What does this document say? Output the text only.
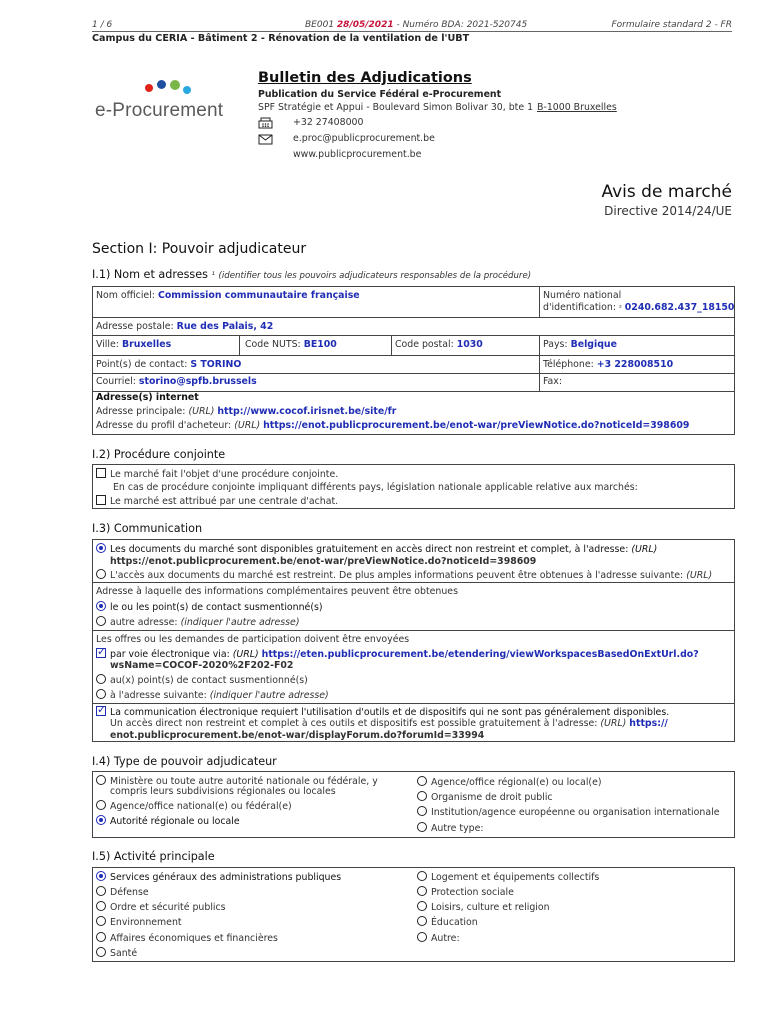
1 / 6	BE001 28/05/2021 - Numéro BDA: 2021-520745	Formulaire standard 2 - FR
Campus du CERIA - Bâtiment 2 - Rénovation de la ventilation de l'UBT
e-Procurement
Bulletin des Adjudications
Publication du Service Fédéral e-Procurement
SPF Stratégie et Appui - Boulevard Simon Bolivar 30, bte 1 B-1000 Bruxelles
+32 27408000
e.proc@publicprocurement.be
www.publicprocurement.be
Avis de marché
Directive 2014/24/UE
Section I: Pouvoir adjudicateur
I.1) Nom et adresses ¹ (identifier tous les pouvoirs adjudicateurs responsables de la procédure)
Nom officiel: Commission communautaire française	Numéro national
d'identification: ² 0240.682.437_18150
Adresse postale: Rue des Palais, 42
Ville: Bruxelles	Code NUTS: BE100	Code postal: 1030	Pays: Belgique
Point(s) de contact: S TORINO	Téléphone: +3 228008510
Courriel: storino@spfb.brussels	Fax:
Adresse(s) internet
Adresse principale: (URL) http://www.cocof.irisnet.be/site/fr
Adresse du profil d'acheteur: (URL) https://enot.publicprocurement.be/enot-war/preViewNotice.do?noticeId=398609
I.2) Procédure conjointe
Le marché fait l'objet d'une procédure conjointe.
En cas de procédure conjointe impliquant différents pays, législation nationale applicable relative aux marchés:
Le marché est attribué par une centrale d'achat.
I.3) Communication
Les documents du marché sont disponibles gratuitement en accès direct non restreint et complet, à l'adresse: (URL)
https://enot.publicprocurement.be/enot-war/preViewNotice.do?noticeId=398609
L'accès aux documents du marché est restreint. De plus amples informations peuvent être obtenues à l'adresse suivante: (URL)
Adresse à laquelle des informations complémentaires peuvent être obtenues
le ou les point(s) de contact susmentionné(s)
autre adresse: (indiquer l'autre adresse)
Les offres ou les demandes de participation doivent être envoyées
✓par voie électronique via: (URL) https://eten.publicprocurement.be/etendering/viewWorkspacesBasedOnExtUrl.do?
wsName=COCOF-2020%2F202-F02
au(x) point(s) de contact susmentionné(s)
à l'adresse suivante: (indiquer l'autre adresse)
✓La communication électronique requiert l'utilisation d'outils et de dispositifs qui ne sont pas généralement disponibles.
Un accès direct non restreint et complet à ces outils et dispositifs est possible gratuitement à l'adresse: (URL) https://
enot.publicprocurement.be/enot-war/displayForum.do?forumId=33994
I.4) Type de pouvoir adjudicateur
Ministère ou toute autre autorité nationale ou fédérale, y
compris leurs subdivisions régionales ou locales
Agence/office national(e) ou fédéral(e)
Autorité régionale ou locale
Agence/office régional(e) ou local(e)
Organisme de droit public
Institution/agence européenne ou organisation internationale
Autre type:
I.5) Activité principale
Services généraux des administrations publiques
Défense
Ordre et sécurité publics
Environnement
Affaires économiques et financières
Santé
Logement et équipements collectifs
Protection sociale
Loisirs, culture et religion
Éducation
Autre:
